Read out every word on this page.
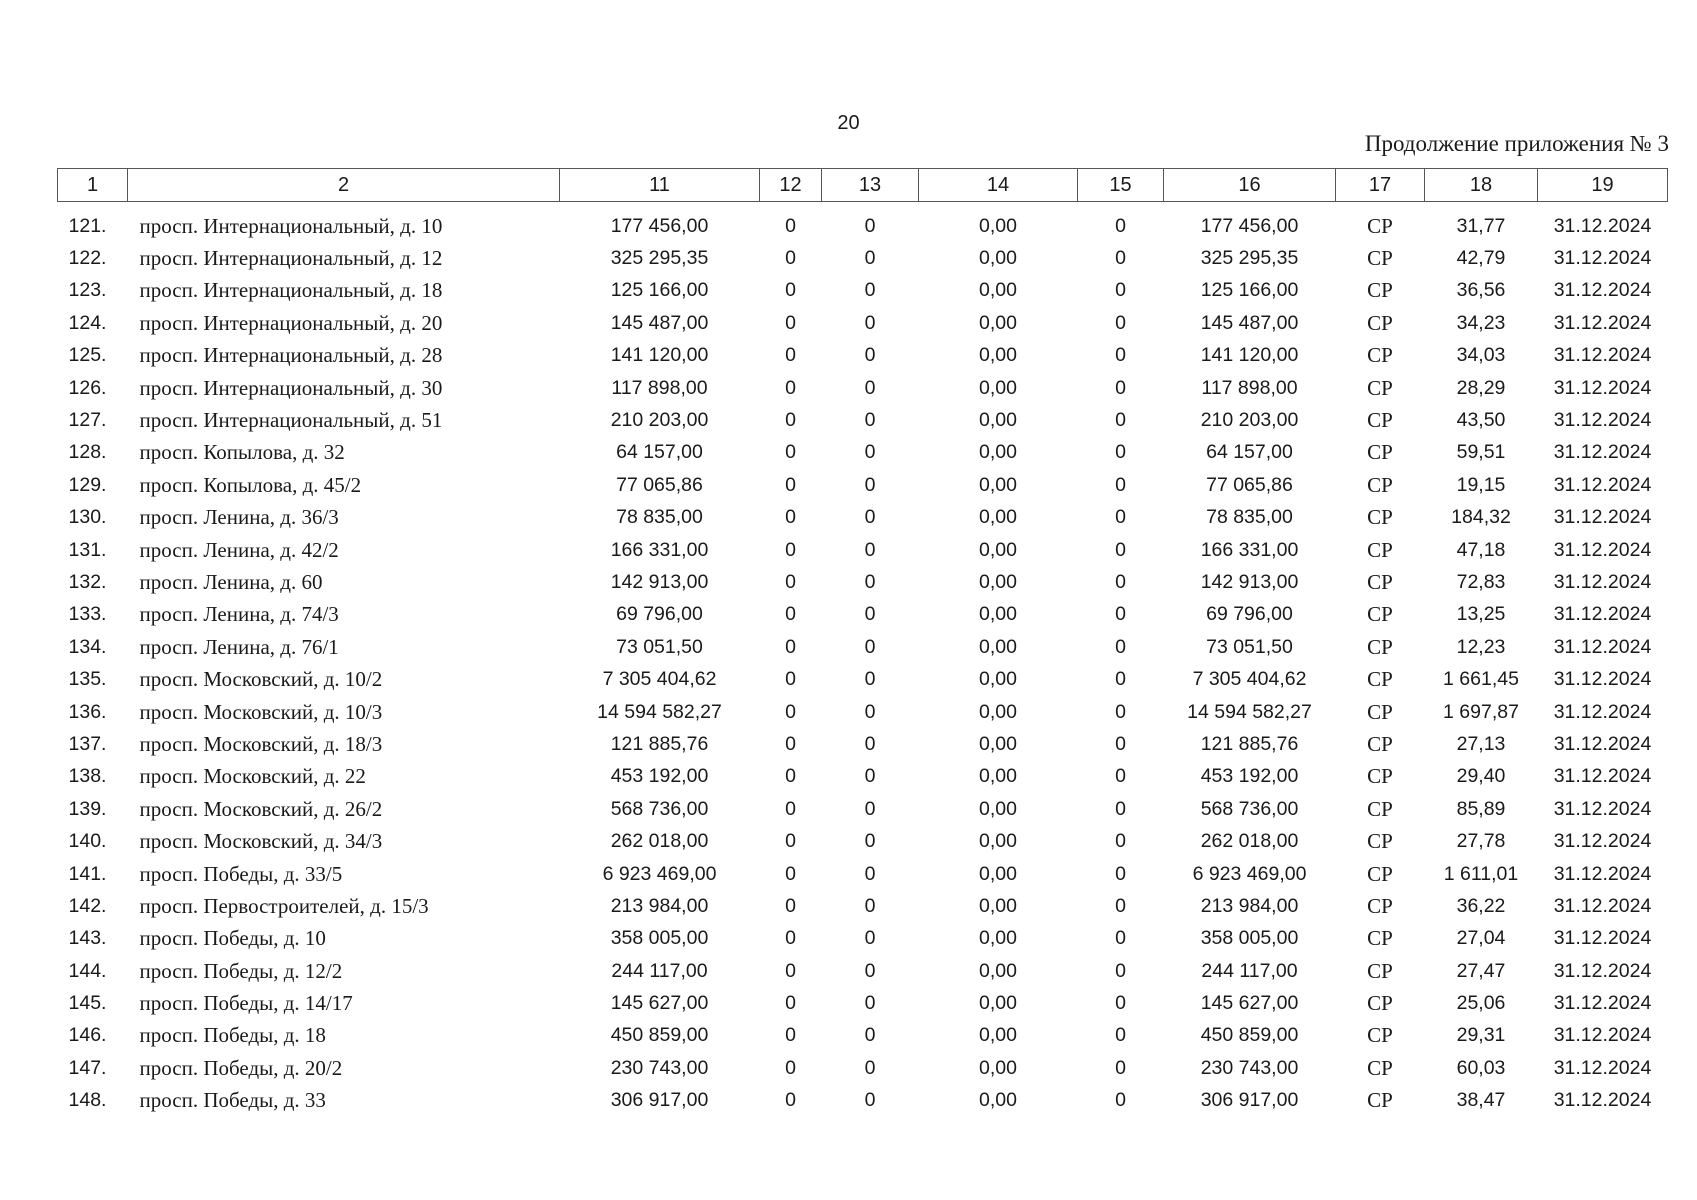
20
Продолжение приложения № 3
1	2	11	12	13	14	15	16	17	18	19
121.	просп. Интернациональный, д. 10	177 456,00	0	0	0,00	0	177 456,00	СР	31,77	31.12.2024
122.	просп. Интернациональный, д. 12	325 295,35	0	0	0,00	0	325 295,35	СР	42,79	31.12.2024
123.	просп. Интернациональный, д. 18	125 166,00	0	0	0,00	0	125 166,00	СР	36,56	31.12.2024
124.	просп. Интернациональный, д. 20	145 487,00	0	0	0,00	0	145 487,00	СР	34,23	31.12.2024
125.	просп. Интернациональный, д. 28	141 120,00	0	0	0,00	0	141 120,00	СР	34,03	31.12.2024
126.	просп. Интернациональный, д. 30	117 898,00	0	0	0,00	0	117 898,00	СР	28,29	31.12.2024
127.	просп. Интернациональный, д. 51	210 203,00	0	0	0,00	0	210 203,00	СР	43,50	31.12.2024
128.	просп. Копылова, д. 32	64 157,00	0	0	0,00	0	64 157,00	СР	59,51	31.12.2024
129.	просп. Копылова, д. 45/2	77 065,86	0	0	0,00	0	77 065,86	СР	19,15	31.12.2024
130.	просп. Ленина, д. 36/3	78 835,00	0	0	0,00	0	78 835,00	СР	184,32	31.12.2024
131.	просп. Ленина, д. 42/2	166 331,00	0	0	0,00	0	166 331,00	СР	47,18	31.12.2024
132.	просп. Ленина, д. 60	142 913,00	0	0	0,00	0	142 913,00	СР	72,83	31.12.2024
133.	просп. Ленина, д. 74/3	69 796,00	0	0	0,00	0	69 796,00	СР	13,25	31.12.2024
134.	просп. Ленина, д. 76/1	73 051,50	0	0	0,00	0	73 051,50	СР	12,23	31.12.2024
135.	просп. Московский, д. 10/2	7 305 404,62	0	0	0,00	0	7 305 404,62	СР	1 661,45	31.12.2024
136.	просп. Московский, д. 10/3	14 594 582,27	0	0	0,00	0	14 594 582,27	СР	1 697,87	31.12.2024
137.	просп. Московский, д. 18/3	121 885,76	0	0	0,00	0	121 885,76	СР	27,13	31.12.2024
138.	просп. Московский, д. 22	453 192,00	0	0	0,00	0	453 192,00	СР	29,40	31.12.2024
139.	просп. Московский, д. 26/2	568 736,00	0	0	0,00	0	568 736,00	СР	85,89	31.12.2024
140.	просп. Московский, д. 34/3	262 018,00	0	0	0,00	0	262 018,00	СР	27,78	31.12.2024
141.	просп. Победы, д. 33/5	6 923 469,00	0	0	0,00	0	6 923 469,00	СР	1 611,01	31.12.2024
142.	просп. Первостроителей, д. 15/3	213 984,00	0	0	0,00	0	213 984,00	СР	36,22	31.12.2024
143.	просп. Победы, д. 10	358 005,00	0	0	0,00	0	358 005,00	СР	27,04	31.12.2024
144.	просп. Победы, д. 12/2	244 117,00	0	0	0,00	0	244 117,00	СР	27,47	31.12.2024
145.	просп. Победы, д. 14/17	145 627,00	0	0	0,00	0	145 627,00	СР	25,06	31.12.2024
146.	просп. Победы, д. 18	450 859,00	0	0	0,00	0	450 859,00	СР	29,31	31.12.2024
147.	просп. Победы, д. 20/2	230 743,00	0	0	0,00	0	230 743,00	СР	60,03	31.12.2024
148.	просп. Победы, д. 33	306 917,00	0	0	0,00	0	306 917,00	СР	38,47	31.12.2024
